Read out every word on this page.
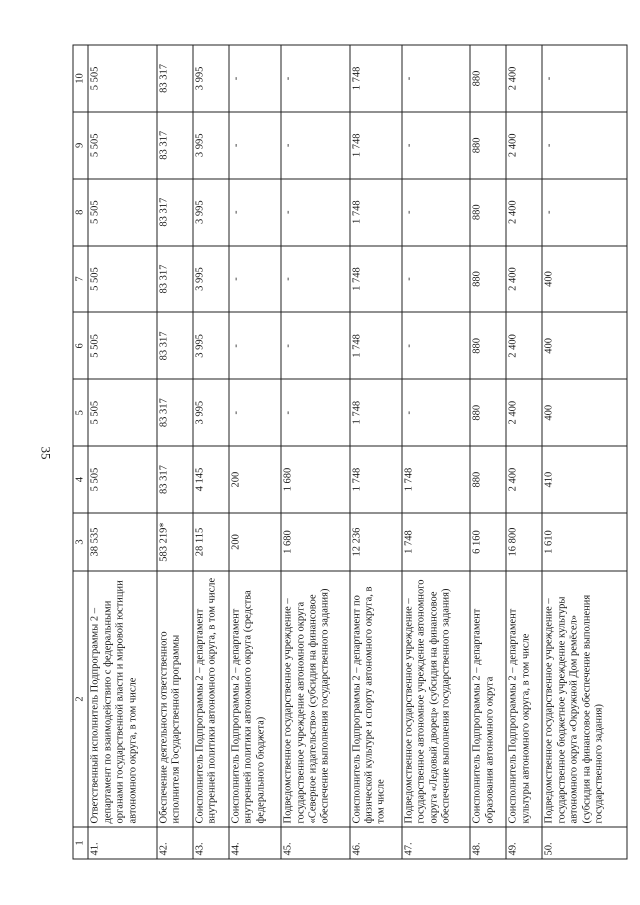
35
1	2	3	4	5	6	7	8	9	10
41.	Ответственный исполнитель Подпрограммы 2 – департамент по взаимодействию с федеральными органами государственной власти и мировой юстиции автономного округа, в том числе	38 535	5 505	5 505	5 505	5 505	5 505	5 505	5 505
42.	Обеспечение деятельности ответственного исполнителя Государственной программы	583 219*	83 317	83 317	83 317	83 317	83 317	83 317	83 317
43.	Соисполнитель Подпрограммы 2 – департамент внутренней политики автономного округа, в том числе	28 115	4 145	3 995	3 995	3 995	3 995	3 995	3 995
44.	Соисполнитель Подпрограммы 2 – департамент внутренней политики автономного округа (средства федерального бюджета)	200	200	-	-	-	-	-	-
45.	Подведомственное государственное учреждение – государственное учреждение автономного округа «Северное издательство» (субсидия на финансовое обеспечение выполнения государственного задания)	1 680	1 680	-	-	-	-	-	-
46.	Соисполнитель Подпрограммы 2 – департамент по физической культуре и спорту автономного округа, в том числе	12 236	1 748	1 748	1 748	1 748	1 748	1 748	1 748
47.	Подведомственное государственное учреждение – государственное автономное учреждение автономного округа «Ледовый дворец» (субсидия на финансовое обеспечение выполнения государственного задания)	1 748	1 748	-	-	-	-	-	-
48.	Соисполнитель Подпрограммы 2 – департамент образования автономного округа	6 160	880	880	880	880	880	880	880
49.	Соисполнитель Подпрограммы 2 – департамент культуры автономного округа, в том числе	16 800	2 400	2 400	2 400	2 400	2 400	2 400	2 400
50.	Подведомственное государственное учреждение – государственное бюджетное учреждение культуры автономного округа «Окружной Дом ремёсел» (субсидия на финансовое обеспечение выполнения государственного задания)	1 610	410	400	400	400	-	-	-
